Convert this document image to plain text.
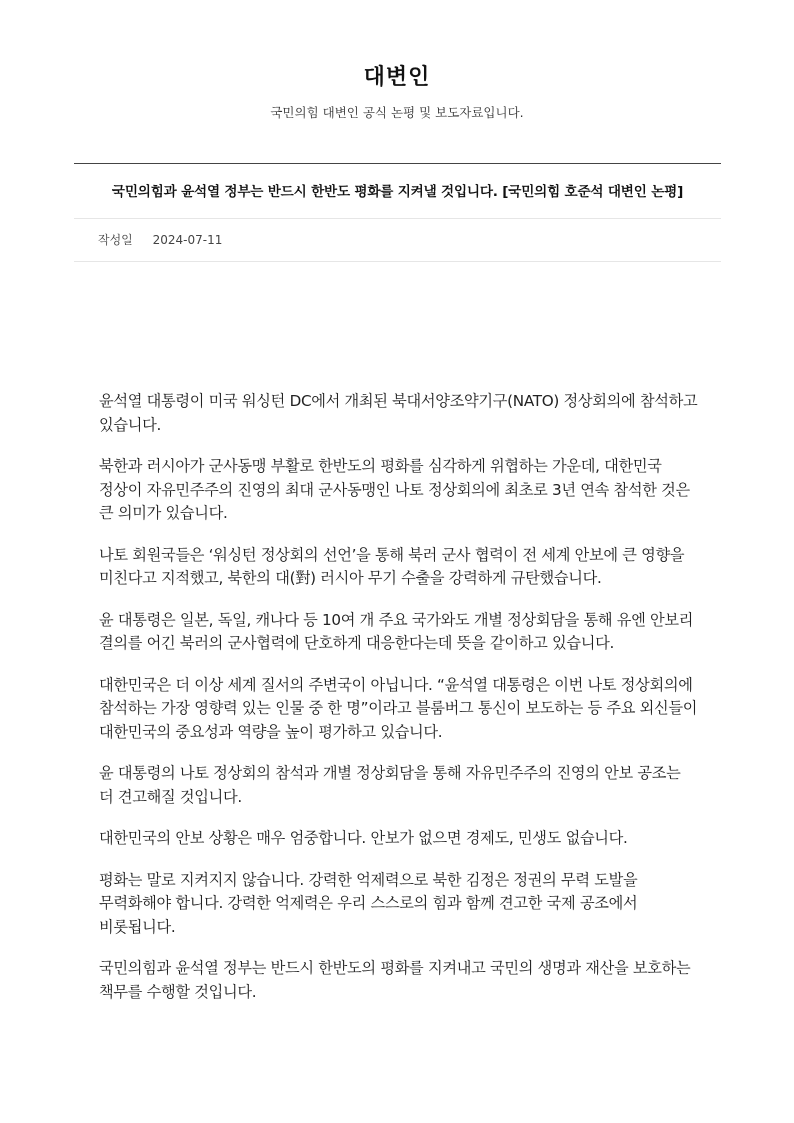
대변인
국민의힘 대변인 공식 논평 및 보도자료입니다.
국민의힘과 윤석열 정부는 반드시 한반도 평화를 지켜낼 것입니다. [국민의힘 호준석 대변인 논평]
작성일 2024-07-11

윤석열 대통령이 미국 워싱턴 DC에서 개최된 북대서양조약기구(NATO) 정상회의에 참석하고 있습니다.

북한과 러시아가 군사동맹 부활로 한반도의 평화를 심각하게 위협하는 가운데, 대한민국 정상이 자유민주주의 진영의 최대 군사동맹인 나토 정상회의에 최초로 3년 연속 참석한 것은 큰 의미가 있습니다.

나토 회원국들은 ‘워싱턴 정상회의 선언’을 통해 북러 군사 협력이 전 세계 안보에 큰 영향을 미친다고 지적했고, 북한의 대(對) 러시아 무기 수출을 강력하게 규탄했습니다.

윤 대통령은 일본, 독일, 캐나다 등 10여 개 주요 국가와도 개별 정상회담을 통해 유엔 안보리 결의를 어긴 북러의 군사협력에 단호하게 대응한다는데 뜻을 같이하고 있습니다.

대한민국은 더 이상 세계 질서의 주변국이 아닙니다. “윤석열 대통령은 이번 나토 정상회의에 참석하는 가장 영향력 있는 인물 중 한 명”이라고 블룸버그 통신이 보도하는 등 주요 외신들이 대한민국의 중요성과 역량을 높이 평가하고 있습니다.

윤 대통령의 나토 정상회의 참석과 개별 정상회담을 통해 자유민주주의 진영의 안보 공조는 더 견고해질 것입니다.

대한민국의 안보 상황은 매우 엄중합니다. 안보가 없으면 경제도, 민생도 없습니다.

평화는 말로 지켜지지 않습니다. 강력한 억제력으로 북한 김정은 정권의 무력 도발을 무력화해야 합니다. 강력한 억제력은 우리 스스로의 힘과 함께 견고한 국제 공조에서 비롯됩니다.

국민의힘과 윤석열 정부는 반드시 한반도의 평화를 지켜내고 국민의 생명과 재산을 보호하는 책무를 수행할 것입니다.
